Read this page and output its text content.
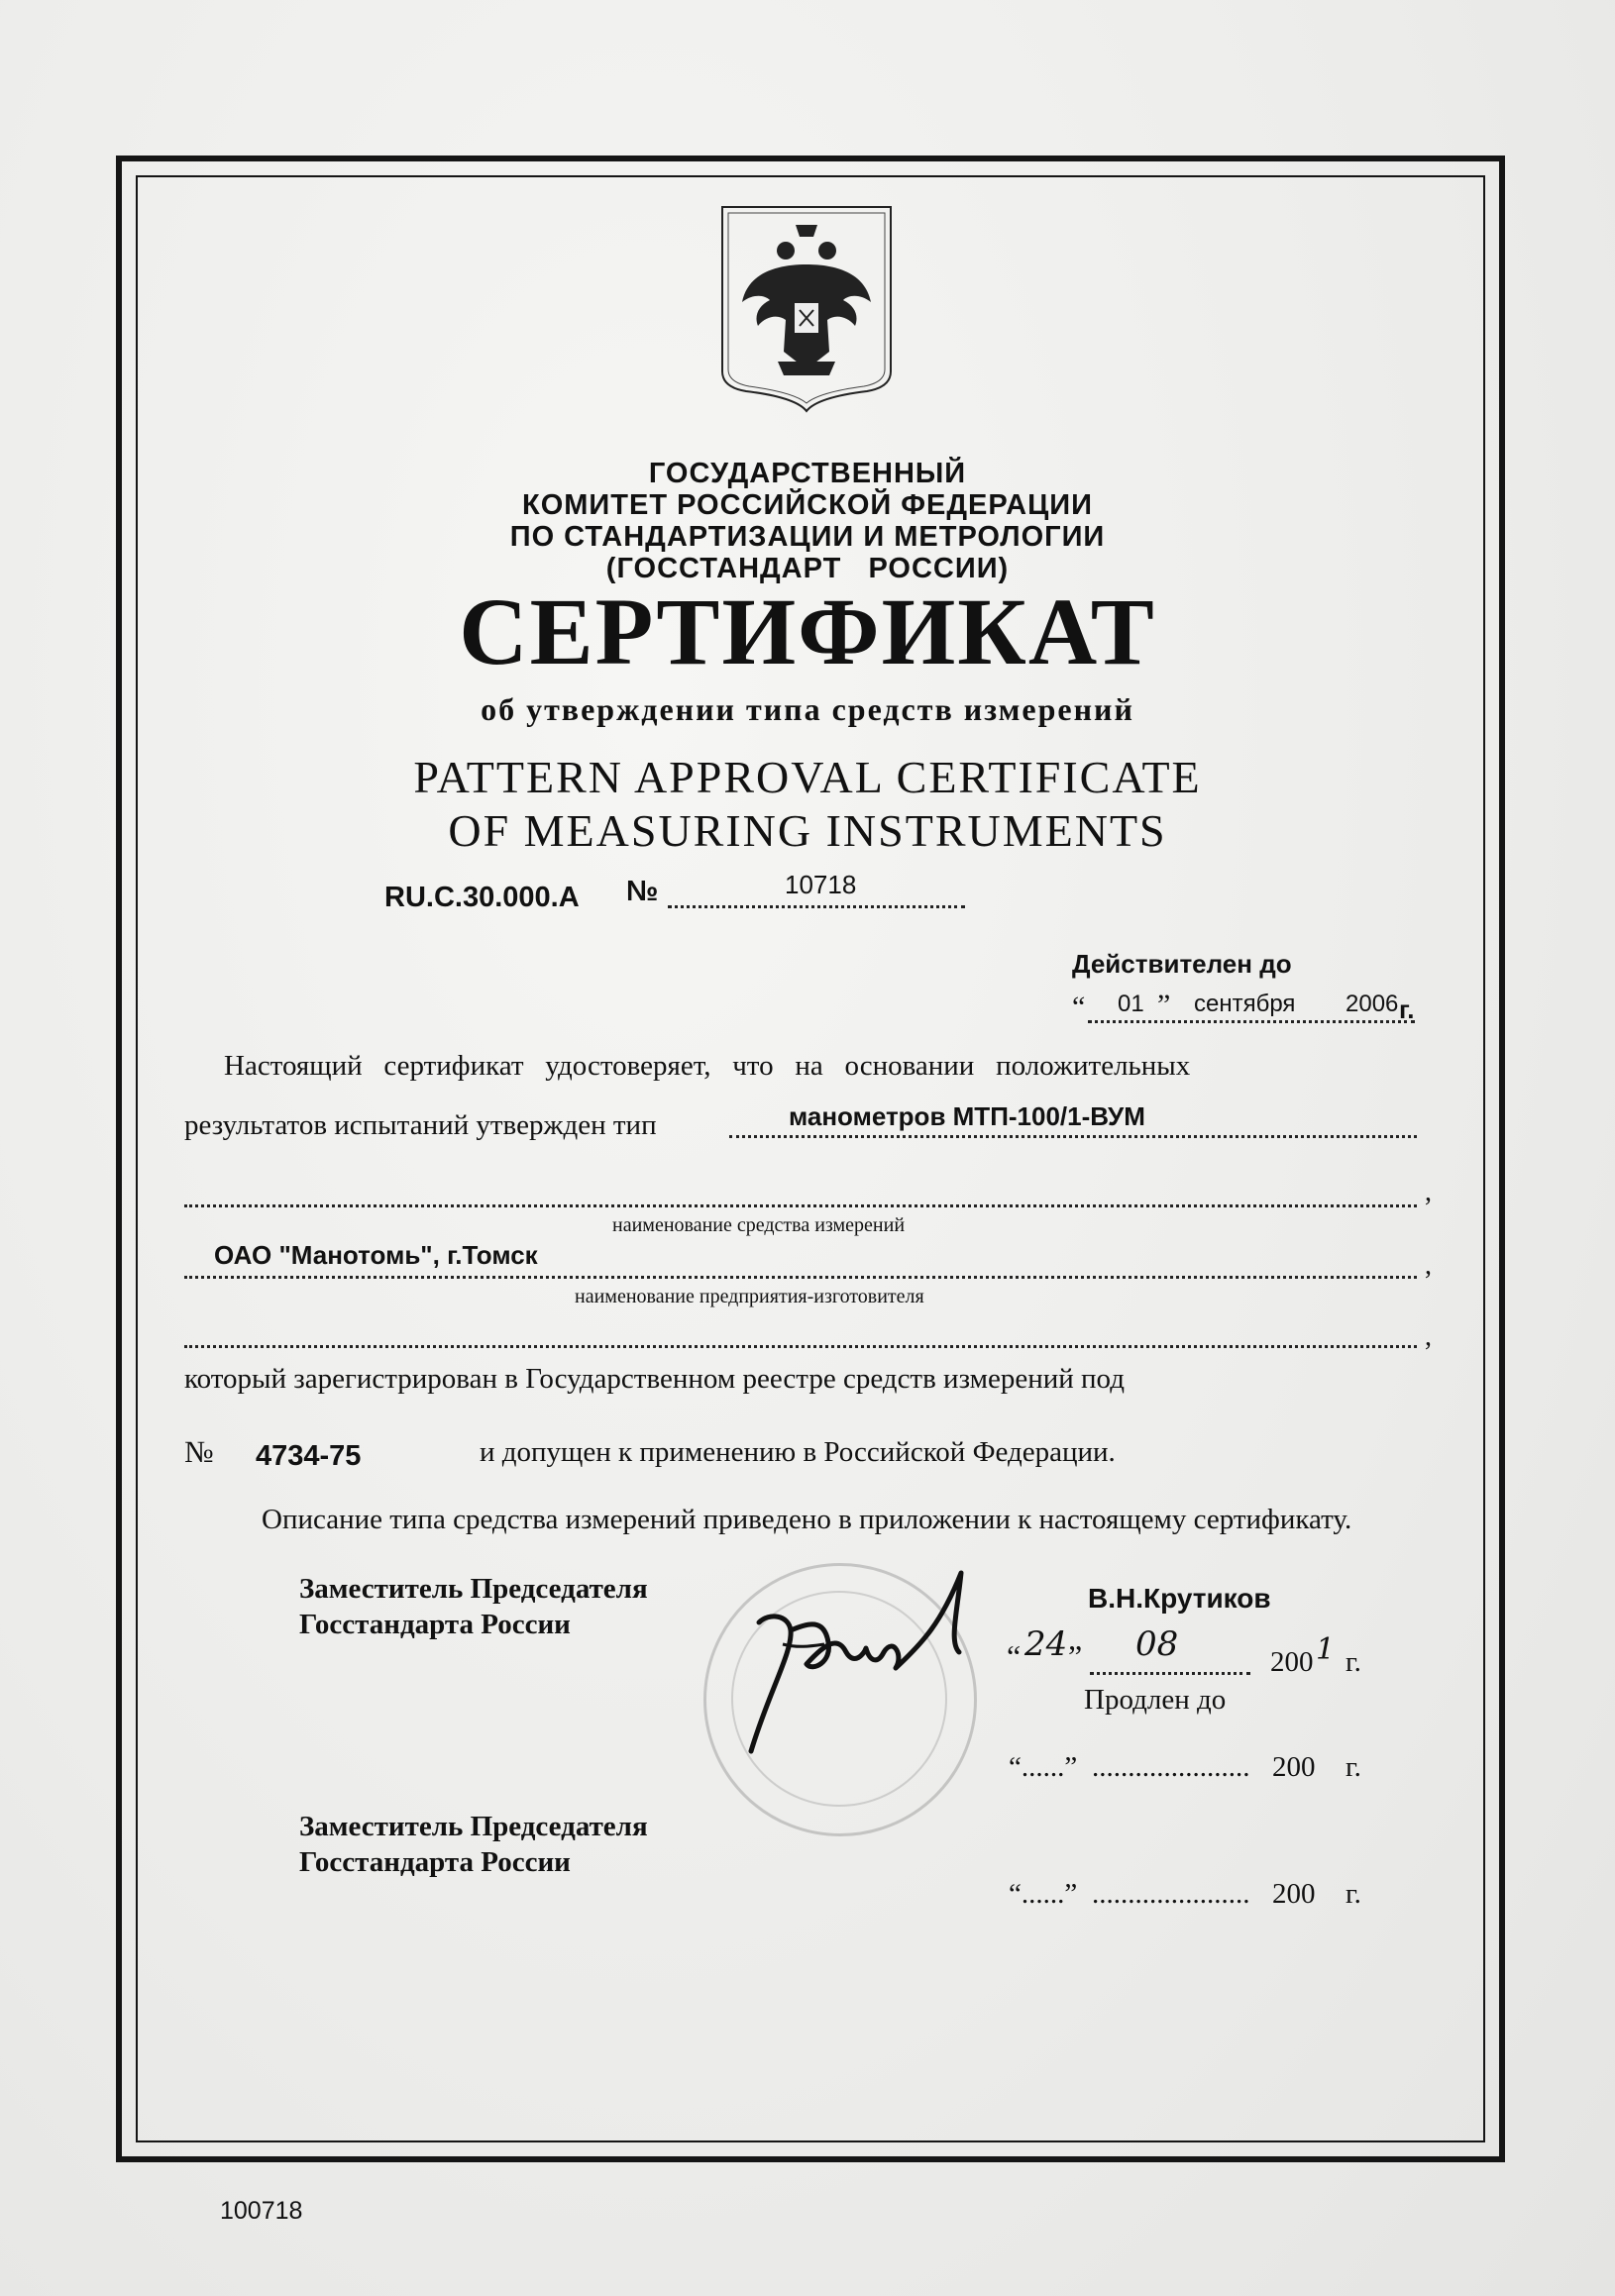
ГОСУДАРСТВЕННЫЙ
КОМИТЕТ РОССИЙСКОЙ ФЕДЕРАЦИИ
ПО СТАНДАРТИЗАЦИИ И МЕТРОЛОГИИ
(ГОССТАНДАРТ   РОССИИ)
СЕРТИФИКАТ
об утверждении типа средств измерений
PATTERN APPROVAL CERTIFICATE
OF MEASURING INSTRUMENTS
RU.C.30.000.A №	10718
Действителен до
“ 01 ” сентября 2006 г.
Настоящий   сертификат   удостоверяет,   что   на   основании   положительных
результатов испытаний утвержден тип	манометров МТП-100/1-ВУМ
,
наименование средства измерений
ОАО "Манотомь", г.Томск	,
наименование предприятия-изготовителя
,
который зарегистрирован в Государственном реестре средств измерений под
№ 4734-75	и допущен к применению в Российской Федерации.
Описание типа средства измерений приведено в приложении к настоящему сертификату.
Заместитель Председателя
Госстандарта России
В.Н.Крутиков
“ 24 ” 08	200 1 г.
Продлен до
“......” ...................... 200 г.
Заместитель Председателя
Госстандарта России
“......” ...................... 200 г.
100718
